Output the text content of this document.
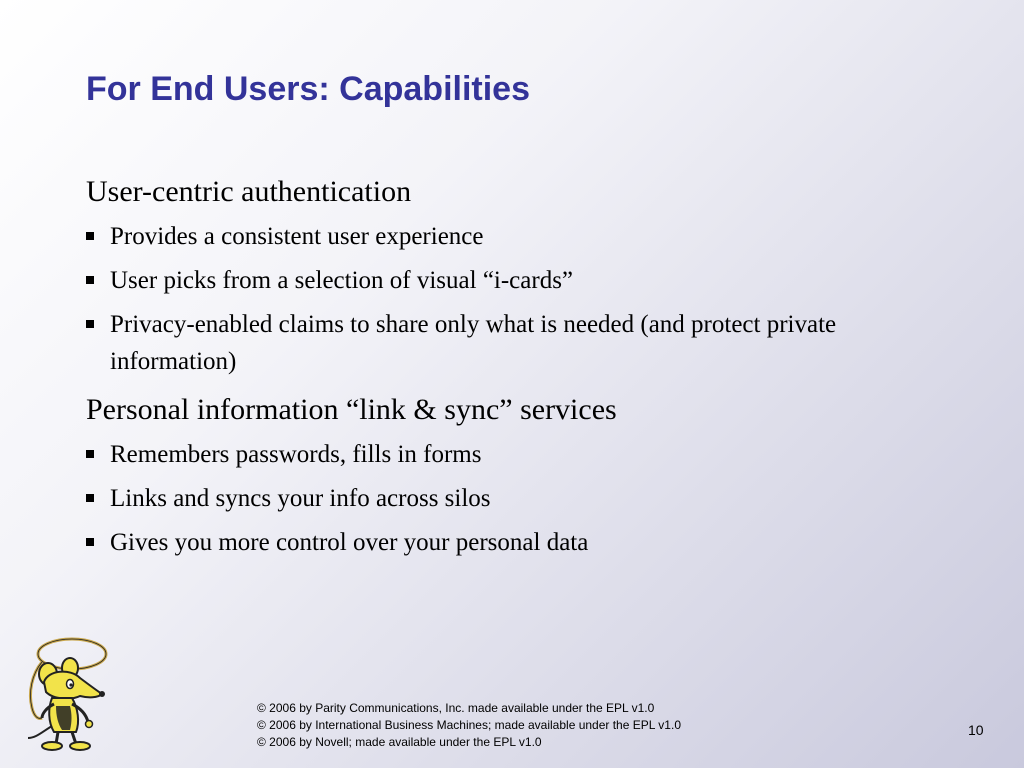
For End Users: Capabilities
User-centric authentication
Provides a consistent user experience
User picks from a selection of visual “i-cards”
Privacy-enabled claims to share only what is needed (and protect private information)
Personal information “link & sync” services
Remembers passwords, fills in forms
Links and syncs your info across silos
Gives you more control over your personal data
© 2006 by Parity Communications, Inc. made available under the EPL v1.0
© 2006 by International Business Machines; made available under the EPL v1.0
© 2006 by Novell; made available under the EPL v1.0
10
